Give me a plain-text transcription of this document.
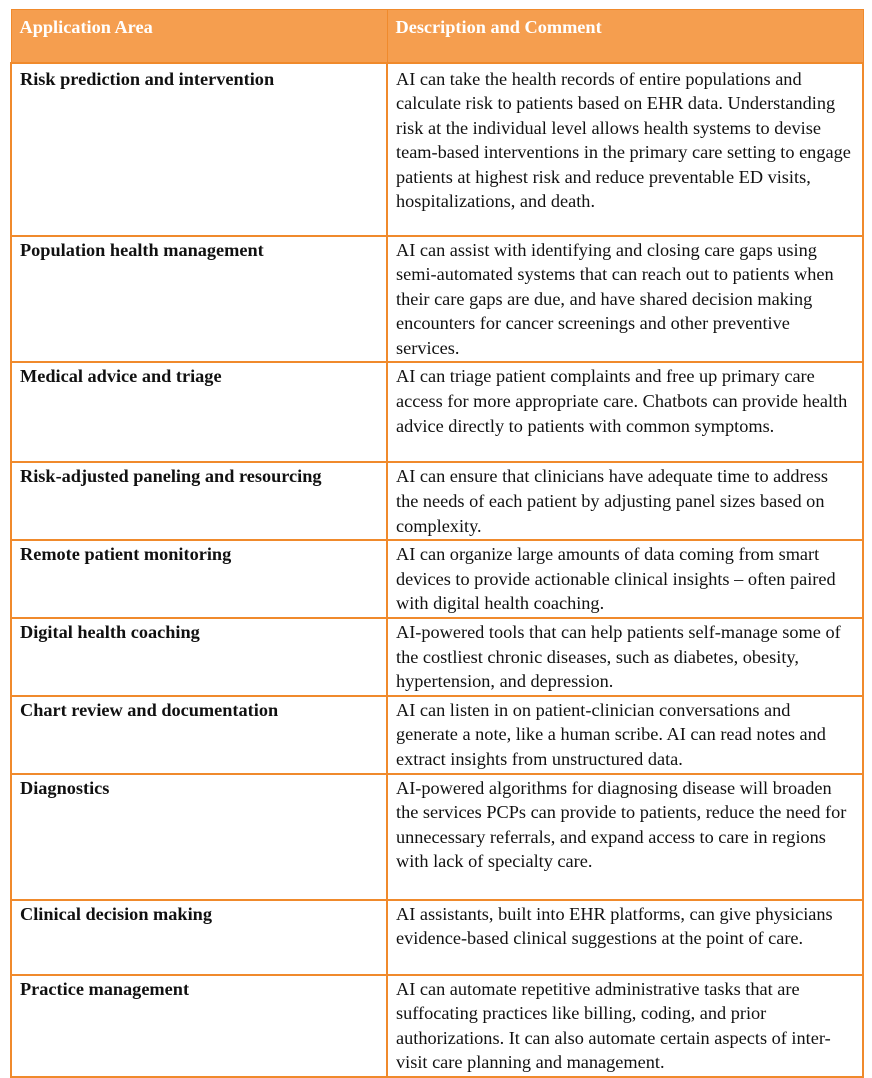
Application Area	Description and Comment
Risk prediction and intervention	AI can take the health records of entire populations and calculate risk to patients based on EHR data. Understanding risk at the individual level allows health systems to devise team-based interventions in the primary care setting to engage patients at highest risk and reduce preventable ED visits, hospitalizations, and death.
Population health management	AI can assist with identifying and closing care gaps using semi-automated systems that can reach out to patients when their care gaps are due, and have shared decision making encounters for cancer screenings and other preventive services.
Medical advice and triage	AI can triage patient complaints and free up primary care access for more appropriate care. Chatbots can provide health advice directly to patients with common symptoms.
Risk-adjusted paneling and resourcing	AI can ensure that clinicians have adequate time to address the needs of each patient by adjusting panel sizes based on complexity.
Remote patient monitoring	AI can organize large amounts of data coming from smart devices to provide actionable clinical insights – often paired with digital health coaching.
Digital health coaching	AI-powered tools that can help patients self-manage some of the costliest chronic diseases, such as diabetes, obesity, hypertension, and depression.
Chart review and documentation	AI can listen in on patient-clinician conversations and generate a note, like a human scribe. AI can read notes and extract insights from unstructured data.
Diagnostics	AI-powered algorithms for diagnosing disease will broaden the services PCPs can provide to patients, reduce the need for unnecessary referrals, and expand access to care in regions with lack of specialty care.
Clinical decision making	AI assistants, built into EHR platforms, can give physicians evidence-based clinical suggestions at the point of care.
Practice management	AI can automate repetitive administrative tasks that are suffocating practices like billing, coding, and prior authorizations. It can also automate certain aspects of inter-visit care planning and management.
